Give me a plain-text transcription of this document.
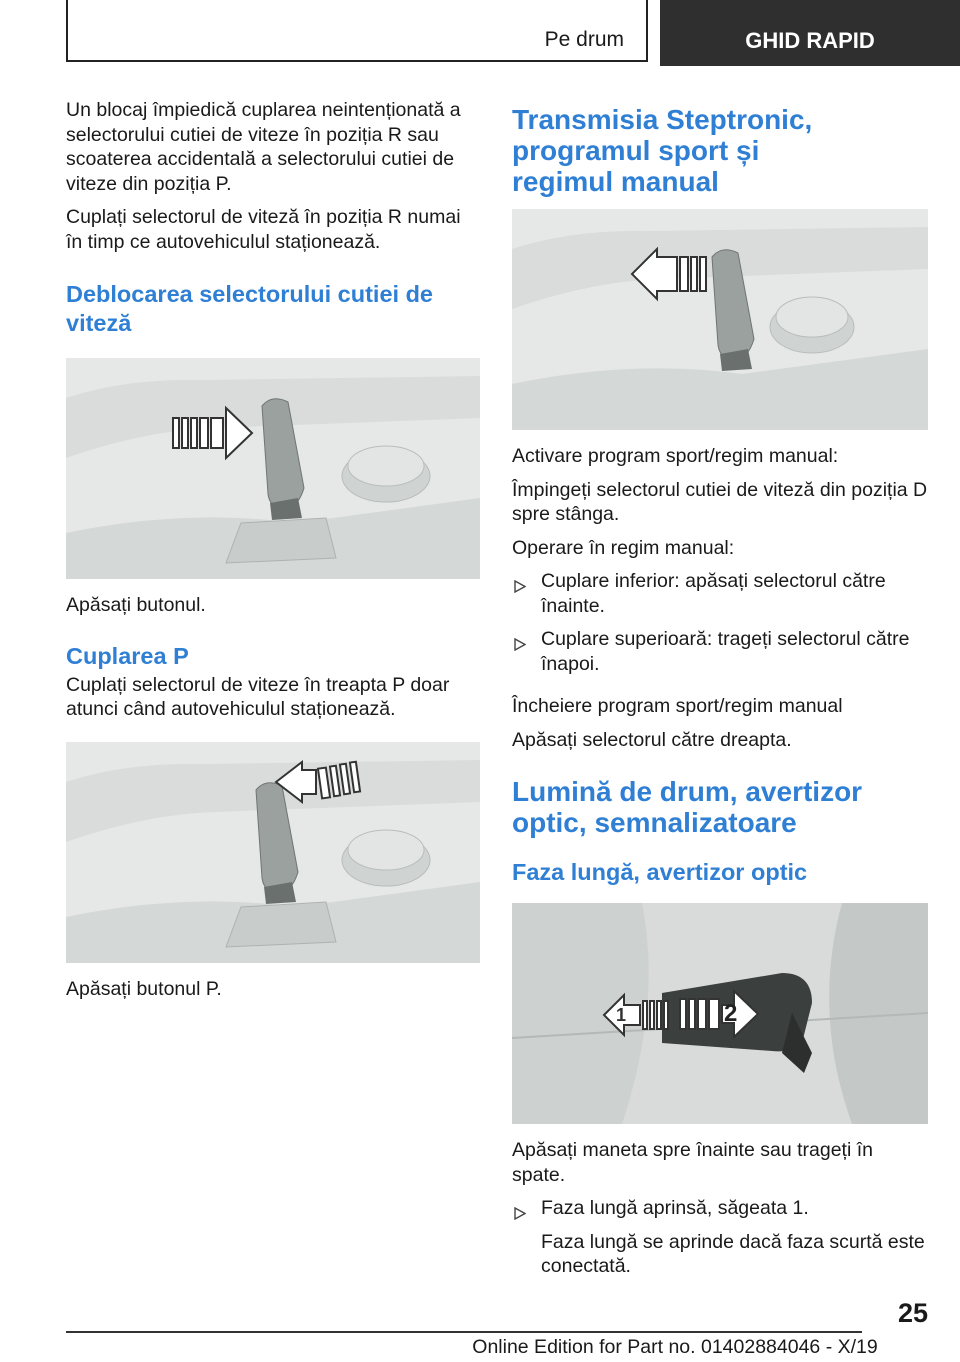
Pe drum	GHID RAPID

Un blocaj împiedică cuplarea neintenționată a selectorului cutiei de viteze în poziția R sau scoaterea accidentală a selectorului cutiei de viteze din poziția P.

Cuplați selectorul de viteză în poziția R numai în timp ce autovehiculul staționează.

Deblocarea selectorului cutiei de viteză

Apăsați butonul.

Cuplarea P

Cuplați selectorul de viteze în treapta P doar atunci când autovehiculul staționează.

Apăsați butonul P.

Transmisia Steptronic, programul sport și regimul manual

Activare program sport/regim manual:

Împingeți selectorul cutiei de viteză din poziția D spre stânga.

Operare în regim manual:

Cuplare inferior: apăsați selectorul către înainte.
Cuplare superioară: trageți selectorul către înapoi.

Încheiere program sport/regim manual

Apăsați selectorul către dreapta.

Lumină de drum, avertizor optic, semnalizatoare
Faza lungă, avertizor optic
1	2

Apăsați maneta spre înainte sau trageți în spate.

Faza lungă aprinsă, săgeata 1.

Faza lungă se aprinde dacă faza scurtă este conectată.

25
Online Edition for Part no. 01402884046 - X/19
